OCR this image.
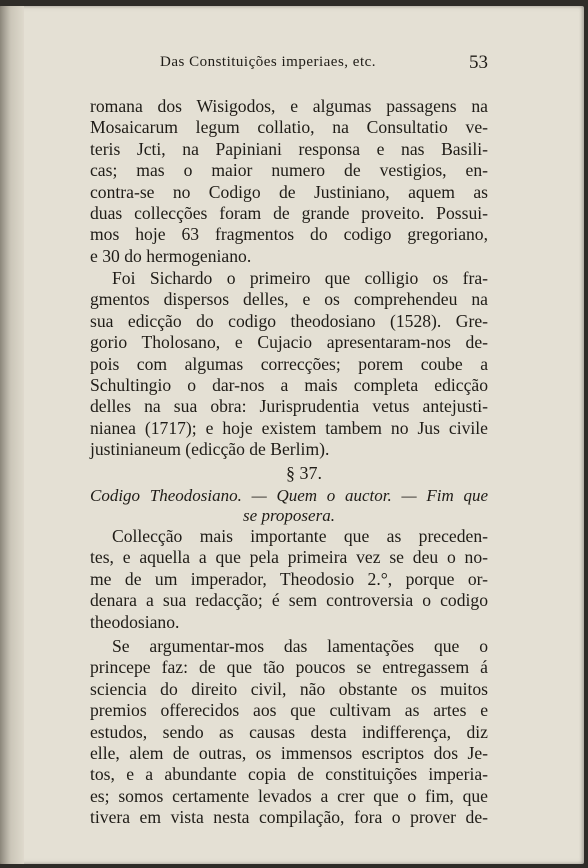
Das Constituições imperiaes, etc.	53
romana dos Wisigodos, e algumas passagens na
Mosaicarum legum collatio, na Consultatio ve-
teris Jcti, na Papiniani responsa e nas Basili-
cas; mas o maior numero de vestigios, en-
contra-se no Codigo de Justiniano, aquem as
duas collecções foram de grande proveito. Possui-
mos hoje 63 fragmentos do codigo gregoriano,
e 30 do hermogeniano.
Foi Sichardo o primeiro que colligio os fra-
gmentos dispersos delles, e os comprehendeu na
sua edicção do codigo theodosiano (1528). Gre-
gorio Tholosano, e Cujacio apresentaram-nos de-
pois com algumas correcções; porem coube a
Schultingio o dar-nos a mais completa edicção
delles na sua obra: Jurisprudentia vetus antejusti-
nianea (1717); e hoje existem tambem no Jus civile
justinianeum (edicção de Berlim).
§ 37.
Codigo Theodosiano. — Quem o auctor. — Fim que
se proposera.
Collecção mais importante que as preceden-
tes, e aquella a que pela primeira vez se deu o no-
me de um imperador, Theodosio 2.°, porque or-
denara a sua redacção; é sem controversia o codigo
theodosiano.
Se argumentar-mos das lamentações que o
princepe faz: de que tão poucos se entregassem á
sciencia do direito civil, não obstante os muitos
premios offerecidos aos que cultivam as artes e
estudos, sendo as causas desta indifferença, diz
elle, alem de outras, os immensos escriptos dos Je-
tos, e a abundante copia de constituições imperia-
es; somos certamente levados a crer que o fim, que
tivera em vista nesta compilação, fora o prover de-
